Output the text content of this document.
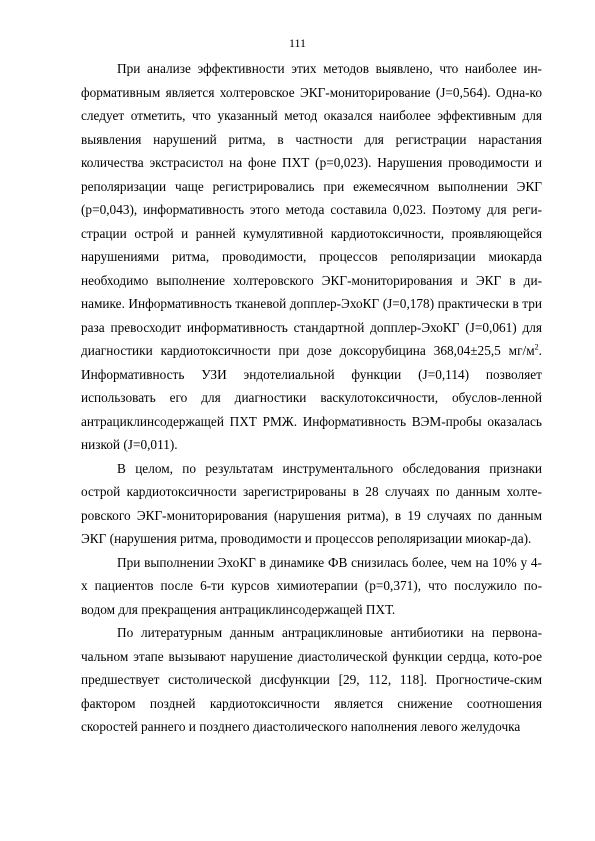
111

При анализе эффективности этих методов выявлено, что наиболее ин-формативным является холтеровское ЭКГ-мониторирование (J=0,564). Одна-ко следует отметить, что указанный метод оказался наиболее эффективным для выявления нарушений ритма, в частности для регистрации нарастания количества экстрасистол на фоне ПХТ (р=0,023). Нарушения проводимости и реполяризации чаще регистрировались при ежемесячном выполнении ЭКГ (р=0,043), информативность этого метода составила 0,023. Поэтому для реги-страции острой и ранней кумулятивной кардиотоксичности, проявляющейся нарушениями ритма, проводимости, процессов реполяризации миокарда необходимо выполнение холтеровского ЭКГ-мониторирования и ЭКГ в ди-намике. Информативность тканевой допплер-ЭхоКГ (J=0,178) практически в три раза превосходит информативность стандартной допплер-ЭхоКГ (J=0,061) для диагностики кардиотоксичности при дозе доксорубицина 368,04±25,5 $мг/м^2$. Информативность УЗИ эндотелиальной функции (J=0,114) позволяет использовать его для диагностики васкулотоксичности, обуслов-ленной антрациклинсодержащей ПХТ РМЖ. Информативность ВЭМ-пробы оказалась низкой (J=0,011).

В целом, по результатам инструментального обследования признаки острой кардиотоксичности зарегистрированы в 28 случаях по данным холте-ровского ЭКГ-мониторирования (нарушения ритма), в 19 случаях по данным ЭКГ (нарушения ритма, проводимости и процессов реполяризации миокар-да).

При выполнении ЭхоКГ в динамике ФВ снизилась более, чем на 10% у 4-х пациентов после 6-ти курсов химиотерапии (р=0,371), что послужило по-водом для прекращения антрациклинсодержащей ПХТ.

По литературным данным антрациклиновые антибиотики на первона-чальном этапе вызывают нарушение диастолической функции сердца, кото-рое предшествует систолической дисфункции [29, 112, 118]. Прогностиче-ским фактором поздней кардиотоксичности является снижение соотношения скоростей раннего и позднего диастолического наполнения левого желудочка
